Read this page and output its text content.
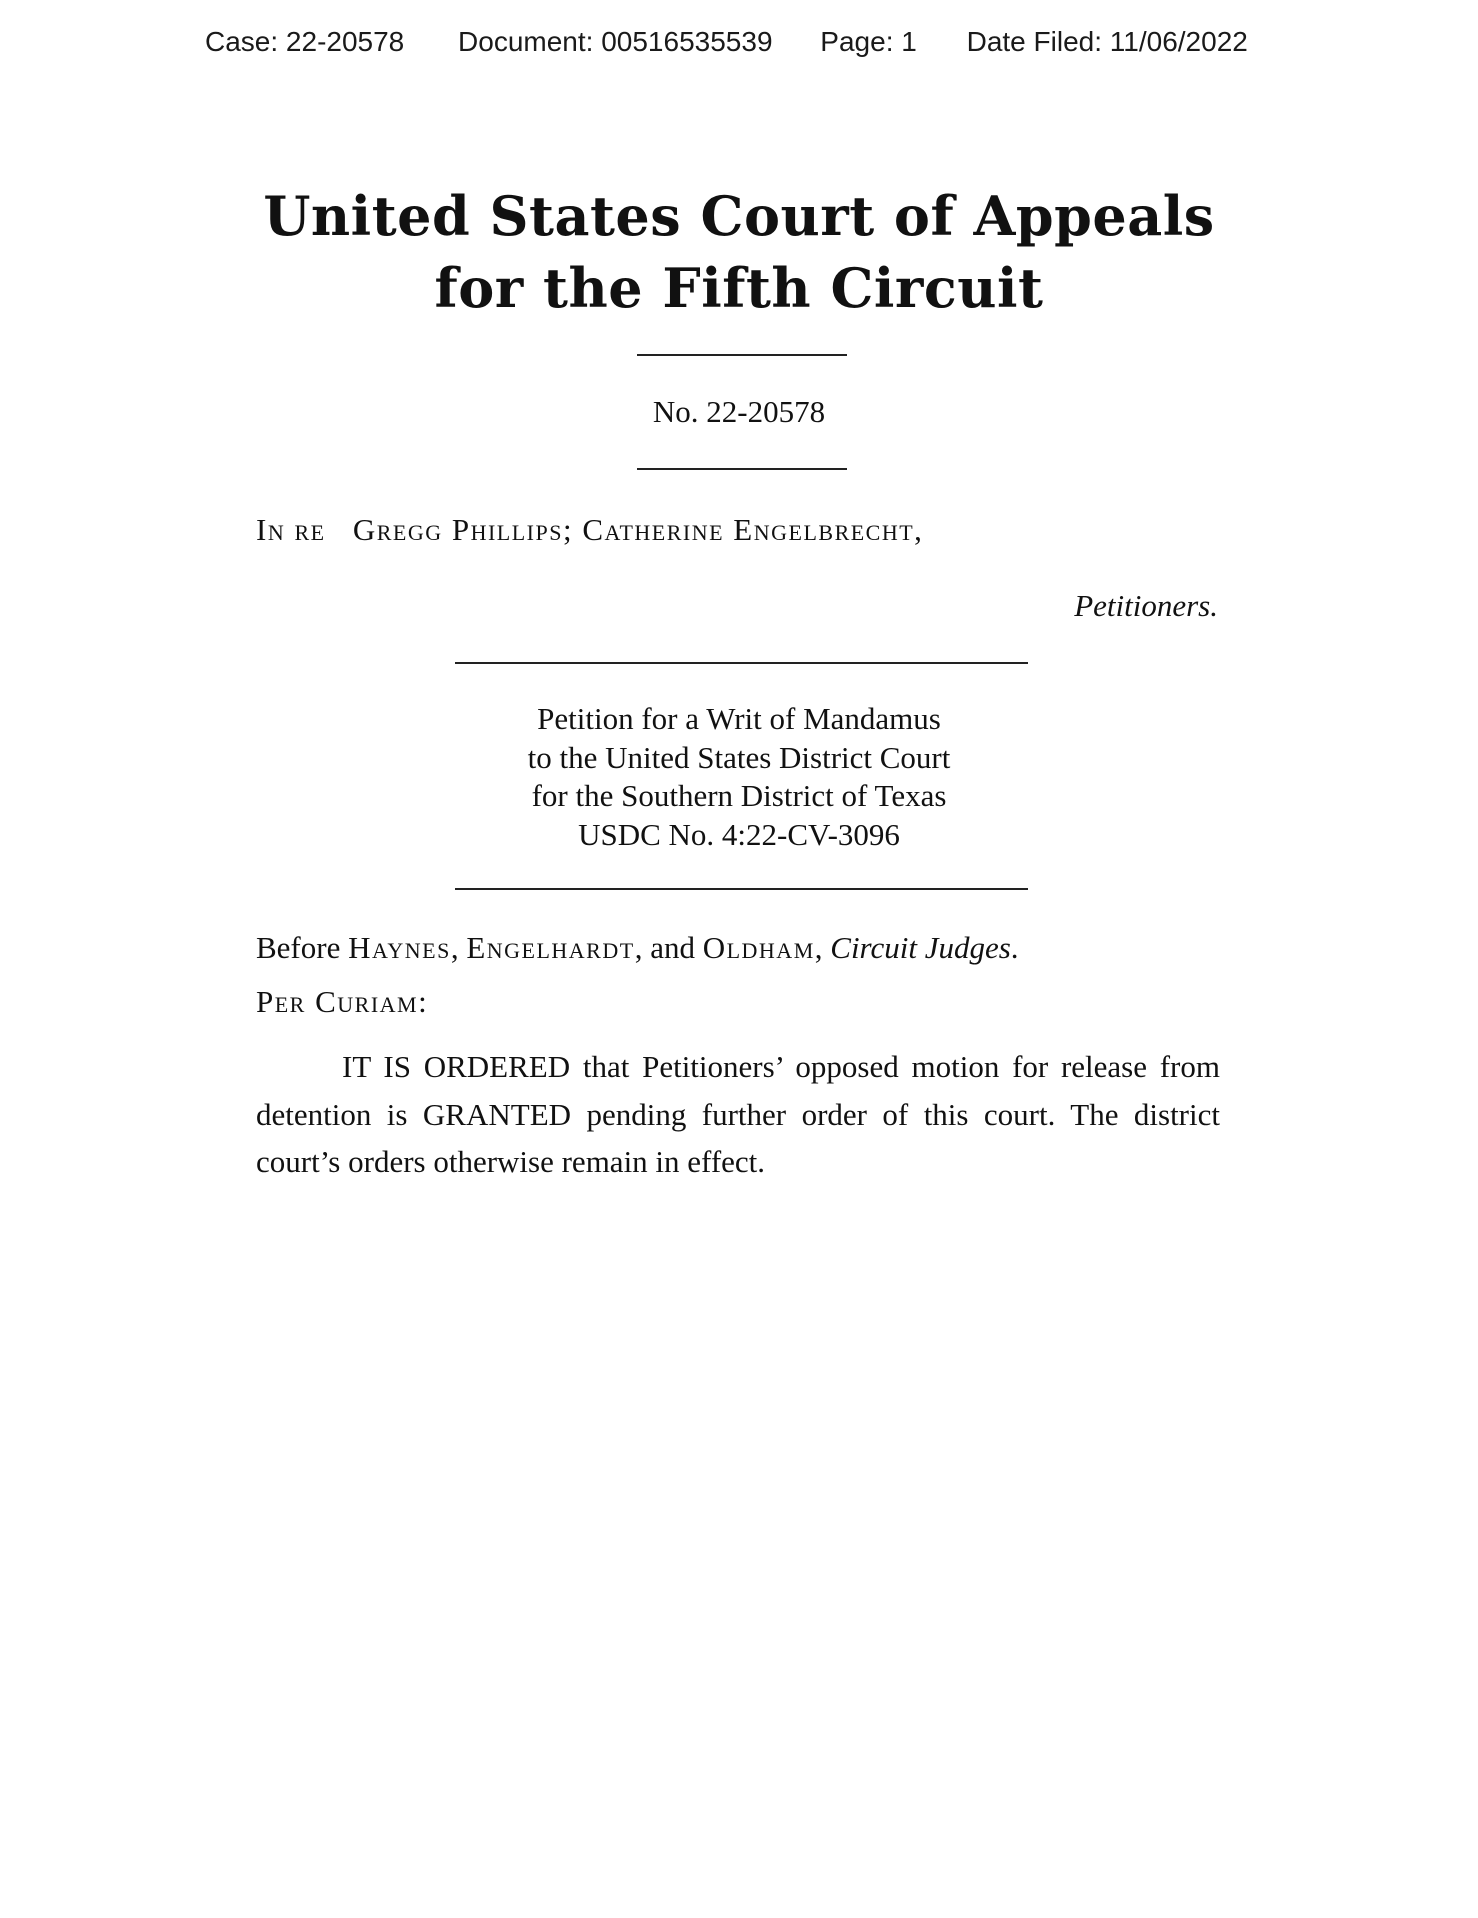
Case: 22-20578 Document: 00516535539 Page: 1 Date Filed: 11/06/2022
United States Court of Appeals
for the Fifth Circuit
No. 22-20578
In re Gregg Phillips; Catherine Engelbrecht,
Petitioners.
Petition for a Writ of Mandamus
to the United States District Court
for the Southern District of Texas
USDC No. 4:22-CV-3096
Before Haynes, Engelhardt, and Oldham, Circuit Judges.
Per Curiam:
IT IS ORDERED that Petitioners’ opposed motion for release from
detention is GRANTED pending further order of this court. The district
court’s orders otherwise remain in effect.
